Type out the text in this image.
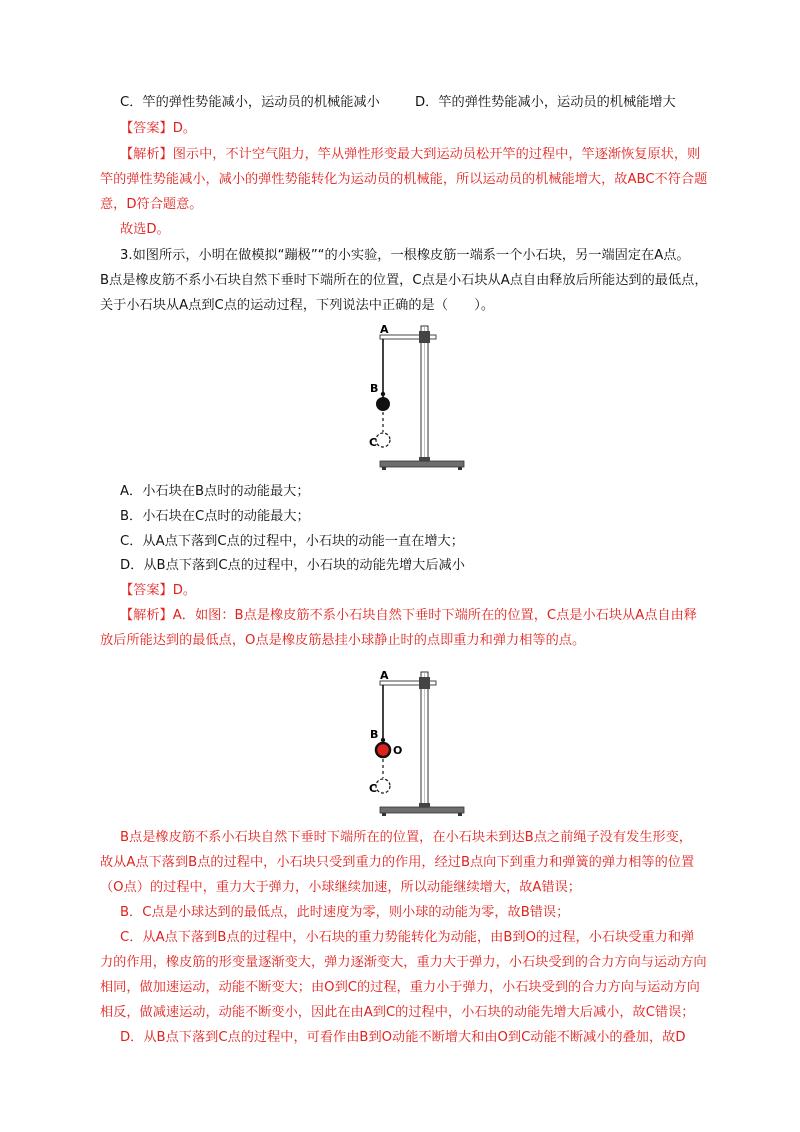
C．竿的弹性势能减小，运动员的机械能减小	D．竿的弹性势能减小，运动员的机械能增大
【答案】D。
【解析】图示中，不计空气阻力，竿从弹性形变最大到运动员松开竿的过程中，竿逐渐恢复原状，则
竿的弹性势能减小，减小的弹性势能转化为运动员的机械能，所以运动员的机械能增大，故ABC不符合题
意，D符合题意。
故选D。
3.如图所示，小明在做模拟“蹦极”“的小实验，一根橡皮筋一端系一个小石块，另一端固定在A点。
B点是橡皮筋不系小石块自然下垂时下端所在的位置，C点是小石块从A点自由释放后所能达到的最低点，
关于小石块从A点到C点的运动过程，下列说法中正确的是（　　）。
A
B
C
A．小石块在B点时的动能最大；
B．小石块在C点时的动能最大；
C．从A点下落到C点的过程中，小石块的动能一直在增大；
D．从B点下落到C点的过程中，小石块的动能先增大后减小
【答案】D。
【解析】A．如图：B点是橡皮筋不系小石块自然下垂时下端所在的位置，C点是小石块从A点自由释
放后所能达到的最低点，O点是橡皮筋悬挂小球静止时的点即重力和弹力相等的点。
A
B
O
C
B点是橡皮筋不系小石块自然下垂时下端所在的位置，在小石块未到达B点之前绳子没有发生形变，
故从A点下落到B点的过程中，小石块只受到重力的作用，经过B点向下到重力和弹簧的弹力相等的位置
（O点）的过程中，重力大于弹力，小球继续加速，所以动能继续增大，故A错误；
B．C点是小球达到的最低点，此时速度为零，则小球的动能为零，故B错误；
C．从A点下落到B点的过程中，小石块的重力势能转化为动能，由B到O的过程，小石块受重力和弹
力的作用，橡皮筋的形变量逐渐变大，弹力逐渐变大，重力大于弹力，小石块受到的合力方向与运动方向
相同，做加速运动，动能不断变大；由O到C的过程，重力小于弹力，小石块受到的合力方向与运动方向
相反，做减速运动，动能不断变小，因此在由A到C的过程中，小石块的动能先增大后减小，故C错误；
D．从B点下落到C点的过程中，可看作由B到O动能不断增大和由O到C动能不断减小的叠加，故D
